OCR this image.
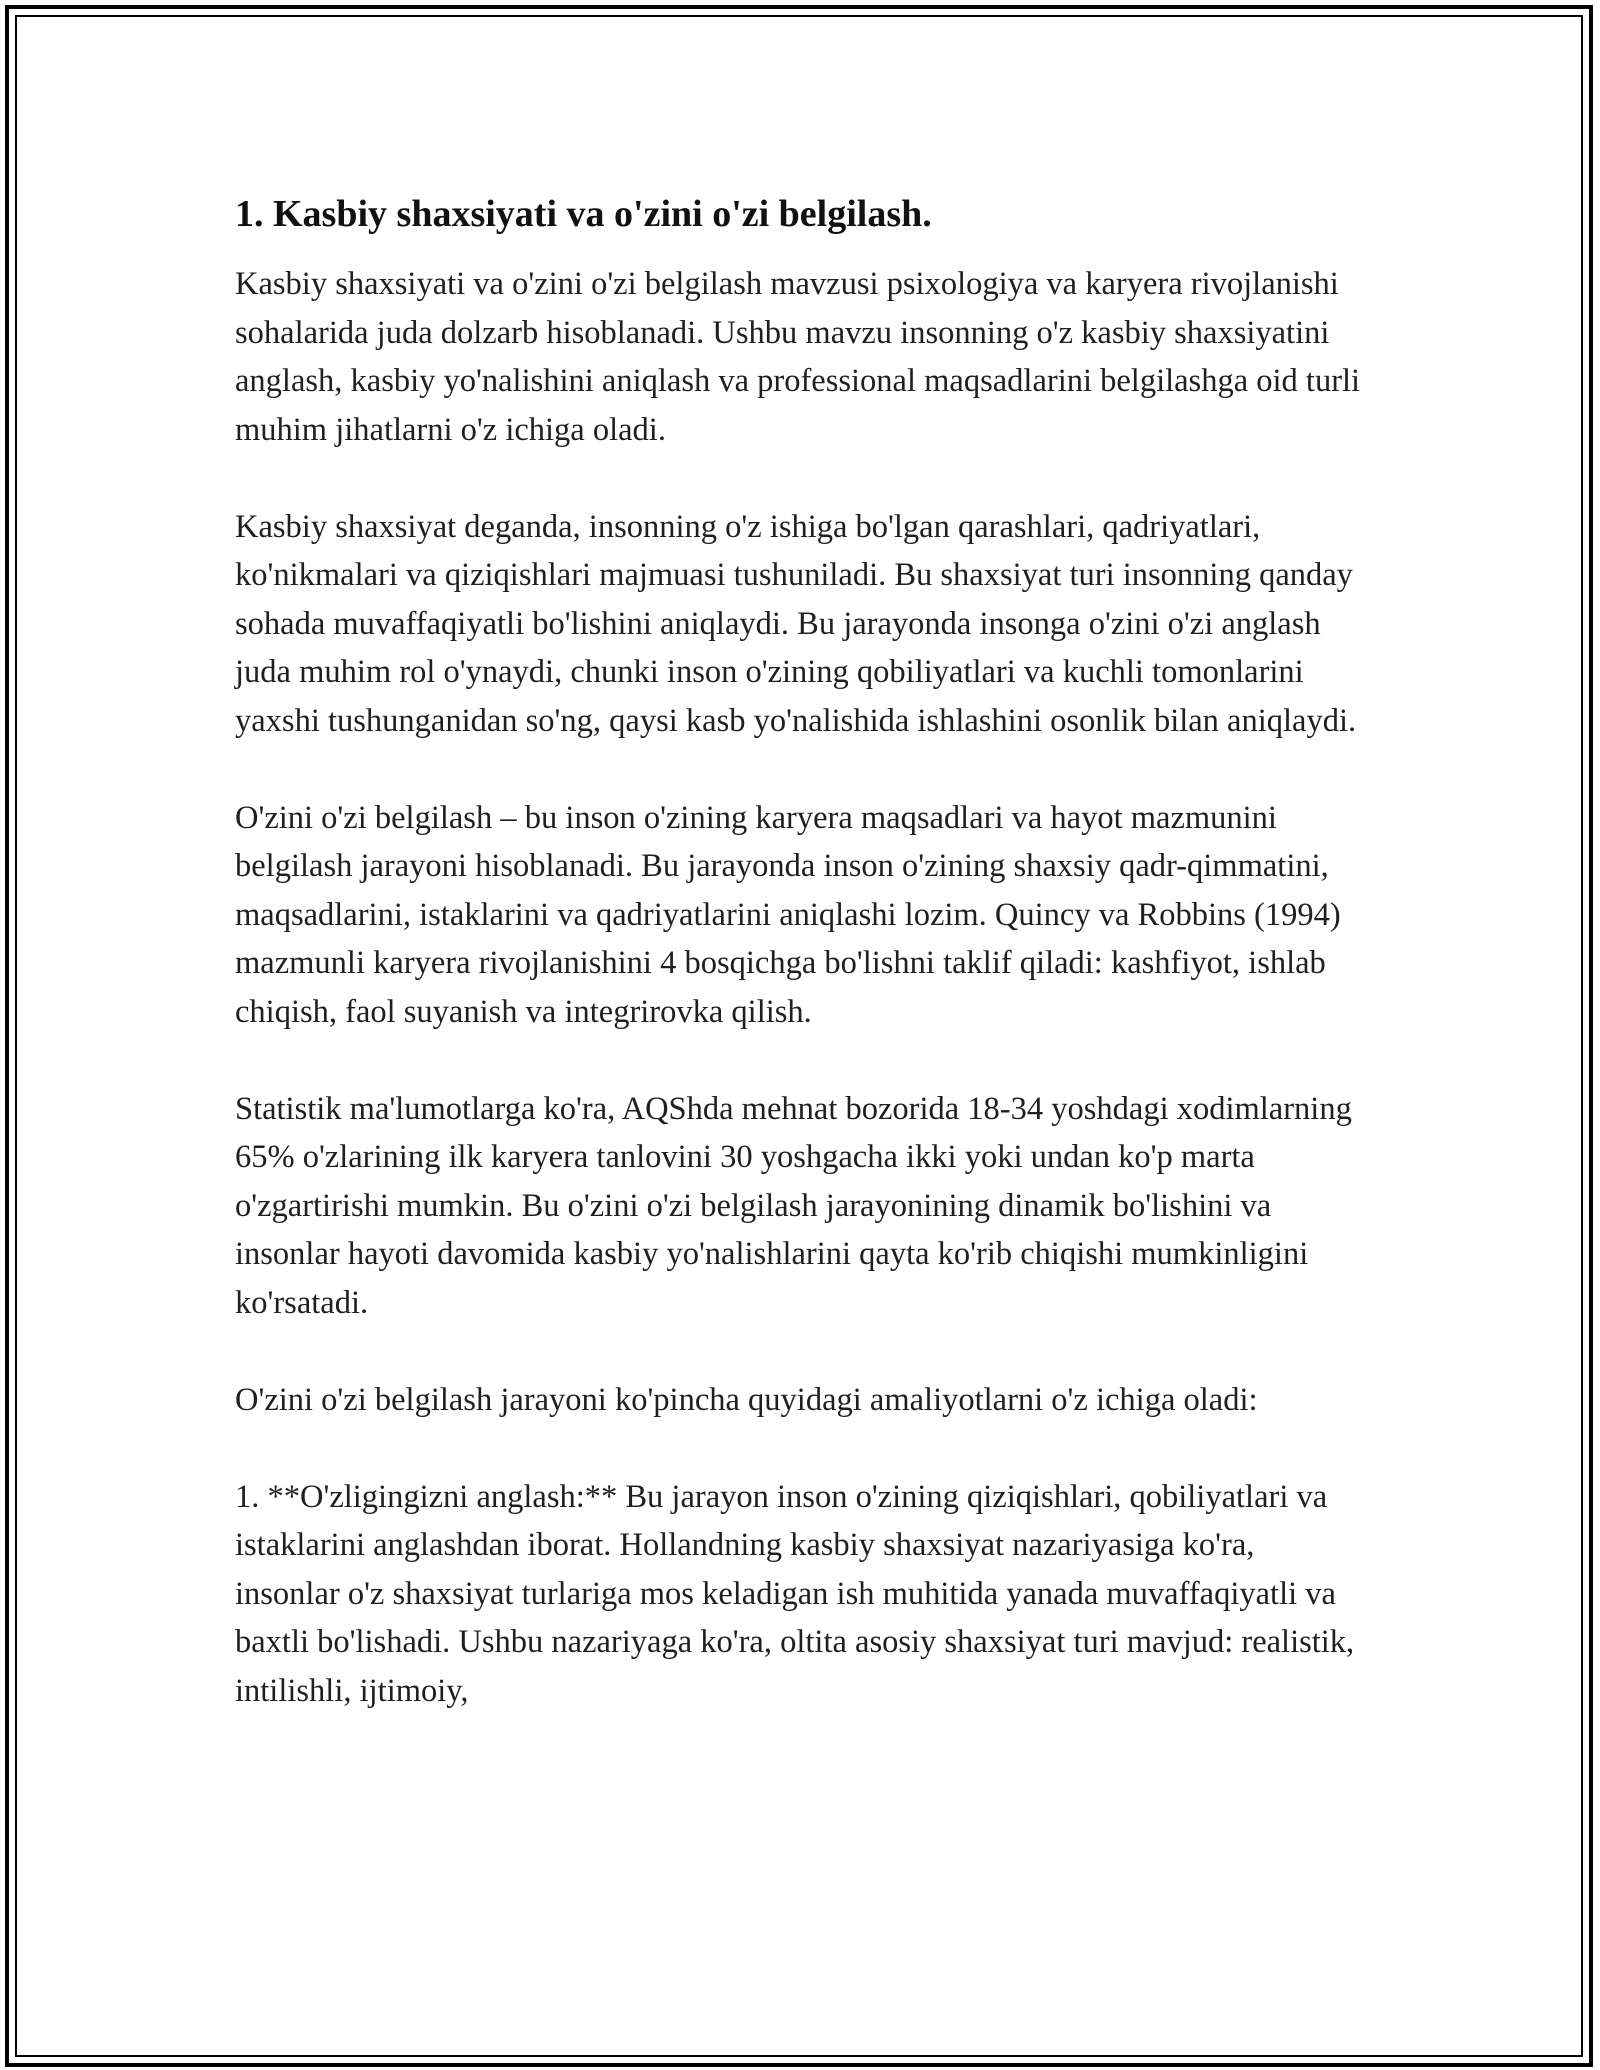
1. Kasbiy shaxsiyati va o'zini o'zi belgilash.

Kasbiy shaxsiyati va o'zini o'zi belgilash mavzusi psixologiya va karyera rivojlanishi sohalarida juda dolzarb hisoblanadi. Ushbu mavzu insonning o'z kasbiy shaxsiyatini anglash, kasbiy yo'nalishini aniqlash va professional maqsadlarini belgilashga oid turli muhim jihatlarni o'z ichiga oladi.

Kasbiy shaxsiyat deganda, insonning o'z ishiga bo'lgan qarashlari, qadriyatlari, ko'nikmalari va qiziqishlari majmuasi tushuniladi. Bu shaxsiyat turi insonning qanday sohada muvaffaqiyatli bo'lishini aniqlaydi. Bu jarayonda insonga o'zini o'zi anglash juda muhim rol o'ynaydi, chunki inson o'zining qobiliyatlari va kuchli tomonlarini yaxshi tushunganidan so'ng, qaysi kasb yo'nalishida ishlashini osonlik bilan aniqlaydi.

O'zini o'zi belgilash – bu inson o'zining karyera maqsadlari va hayot mazmunini belgilash jarayoni hisoblanadi. Bu jarayonda inson o'zining shaxsiy qadr-qimmatini, maqsadlarini, istaklarini va qadriyatlarini aniqlashi lozim. Quincy va Robbins (1994) mazmunli karyera rivojlanishini 4 bosqichga bo'lishni taklif qiladi: kashfiyot, ishlab chiqish, faol suyanish va integrirovka qilish.

Statistik ma'lumotlarga ko'ra, AQShda mehnat bozorida 18-34 yoshdagi xodimlarning 65% o'zlarining ilk karyera tanlovini 30 yoshgacha ikki yoki undan ko'p marta o'zgartirishi mumkin. Bu o'zini o'zi belgilash jarayonining dinamik bo'lishini va insonlar hayoti davomida kasbiy yo'nalishlarini qayta ko'rib chiqishi mumkinligini ko'rsatadi.

O'zini o'zi belgilash jarayoni ko'pincha quyidagi amaliyotlarni o'z ichiga oladi:

1. **O'zligingizni anglash:** Bu jarayon inson o'zining qiziqishlari, qobiliyatlari va istaklarini anglashdan iborat. Hollandning kasbiy shaxsiyat nazariyasiga ko'ra, insonlar o'z shaxsiyat turlariga mos keladigan ish muhitida yanada muvaffaqiyatli va baxtli bo'lishadi. Ushbu nazariyaga ko'ra, oltita asosiy shaxsiyat turi mavjud: realistik, intilishli, ijtimoiy,
